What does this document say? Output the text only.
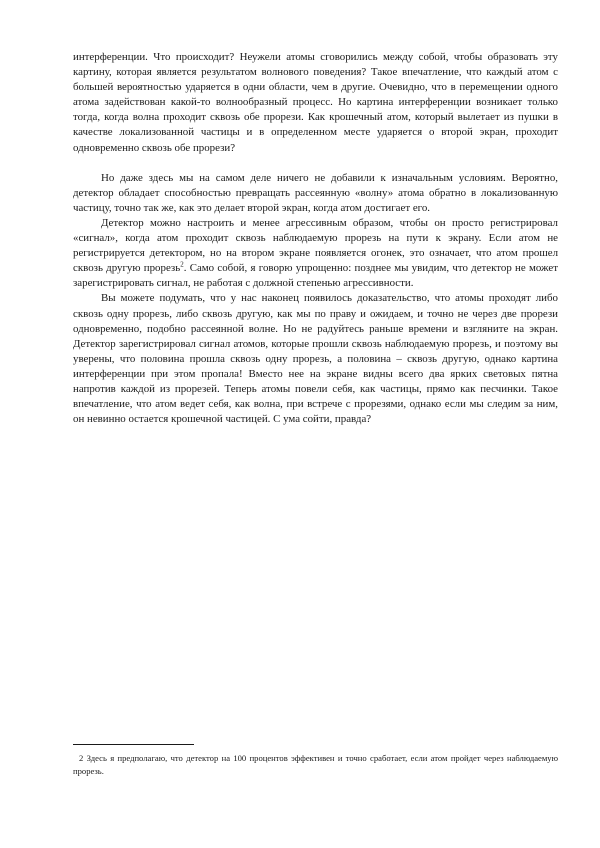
интерференции. Что происходит? Неужели атомы сговорились между собой, чтобы образовать эту картину, которая является результатом волнового поведения? Такое впечатление, что каждый атом с большей вероятностью ударяется в одни области, чем в другие. Очевидно, что в перемещении одного атома задействован какой-то волнообразный процесс. Но картина интерференции возникает только тогда, когда волна проходит сквозь обе прорези. Как крошечный атом, который вылетает из пушки в качестве локализованной частицы и в определенном месте ударяется о второй экран, проходит одновременно сквозь обе прорези?

Но даже здесь мы на самом деле ничего не добавили к изначальным условиям. Вероятно, детектор обладает способностью превращать рассеянную «волну» атома обратно в локализованную частицу, точно так же, как это делает второй экран, когда атом достигает его.

Детектор можно настроить и менее агрессивным образом, чтобы он просто регистрировал «сигнал», когда атом проходит сквозь наблюдаемую прорезь на пути к экрану. Если атом не регистрируется детектором, но на втором экране появляется огонек, это означает, что атом прошел сквозь другую прорезь$^2$. Само собой, я говорю упрощенно: позднее мы увидим, что детектор не может зарегистрировать сигнал, не работая с должной степенью агрессивности.

Вы можете подумать, что у нас наконец появилось доказательство, что атомы проходят либо сквозь одну прорезь, либо сквозь другую, как мы по праву и ожидаем, и точно не через две прорези одновременно, подобно рассеянной волне. Но не радуйтесь раньше времени и взгляните на экран. Детектор зарегистрировал сигнал атомов, которые прошли сквозь наблюдаемую прорезь, и поэтому вы уверены, что половина прошла сквозь одну прорезь, а половина – сквозь другую, однако картина интерференции при этом пропала! Вместо нее на экране видны всего два ярких световых пятна напротив каждой из прорезей. Теперь атомы повели себя, как частицы, прямо как песчинки. Такое впечатление, что атом ведет себя, как волна, при встрече с прорезями, однако если мы следим за ним, он невинно остается крошечной частицей. С ума сойти, правда?

2 Здесь я предполагаю, что детектор на 100 процентов эффективен и точно сработает, если атом пройдет через наблюдаемую прорезь.
